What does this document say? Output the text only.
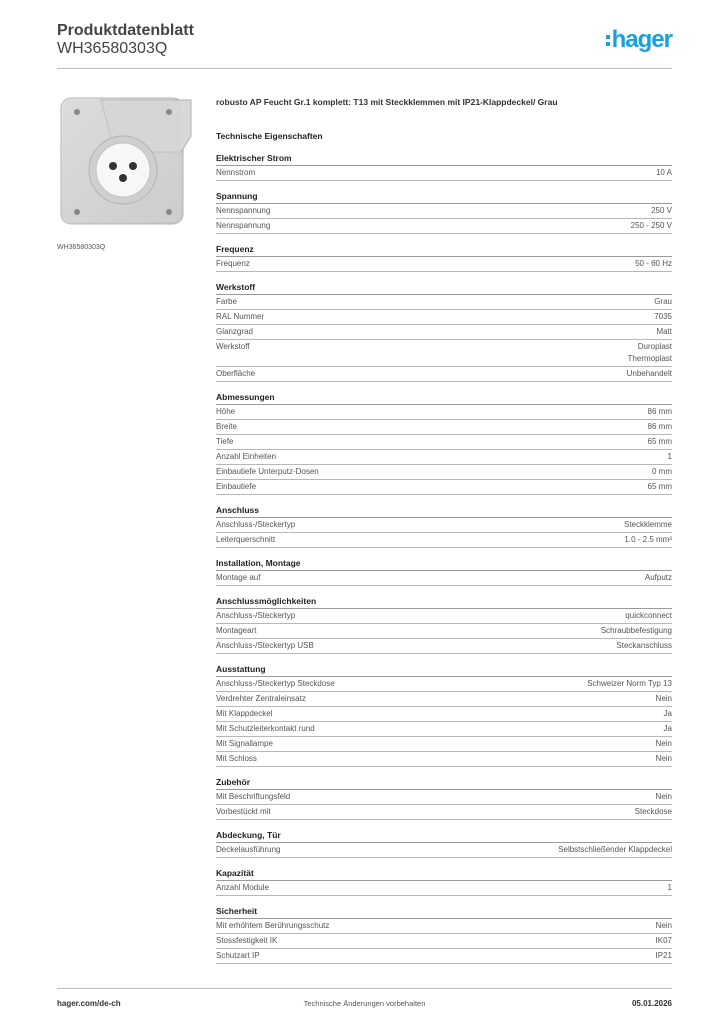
Produktdatenblatt
WH36580303Q	hager
WH36580303Q
robusto AP Feucht Gr.1 komplett: T13 mit Steckklemmen mit IP21-Klappdeckel/ Grau
Technische Eigenschaften
Elektrischer Strom
Nennstrom	10 A
Spannung
Nennspannung	250 V
Nennspannung	250 - 250 V
Frequenz
Frequenz	50 - 60 Hz
Werkstoff
Farbe	Grau
RAL Nummer	7035
Glanzgrad	Matt
Werkstoff	Duroplast
Thermoplast
Oberfläche	Unbehandelt
Abmessungen
Höhe	86 mm
Breite	86 mm
Tiefe	65 mm
Anzahl Einheiten	1
Einbautiefe Unterputz-Dosen	0 mm
Einbautiefe	65 mm
Anschluss
Anschluss-/Steckertyp	Steckklemme
Leiterquerschnitt	1.0 - 2.5 mm²
Installation, Montage
Montage auf	Aufputz
Anschlussmöglichkeiten
Anschluss-/Steckertyp	quickconnect
Montageart	Schraubbefestigung
Anschluss-/Steckertyp USB	Steckanschluss
Ausstattung
Anschluss-/Steckertyp Steckdose	Schweizer Norm Typ 13
Verdrehter Zentraleinsatz	Nein
Mit Klappdeckel	Ja
Mit Schutzleiterkontakt rund	Ja
Mit Signallampe	Nein
Mit Schloss	Nein
Zubehör
Mit Beschriftungsfeld	Nein
Vorbestückt mit	Steckdose
Abdeckung, Tür
Deckelausführung	Selbstschließender Klappdeckel
Kapazität
Anzahl Module	1
Sicherheit
Mit erhöhtem Berührungsschutz	Nein
Stossfestigkeit IK	IK07
Schutzart IP	IP21
hager.com/de-ch	Technische Änderungen vorbehalten	05.01.2026
